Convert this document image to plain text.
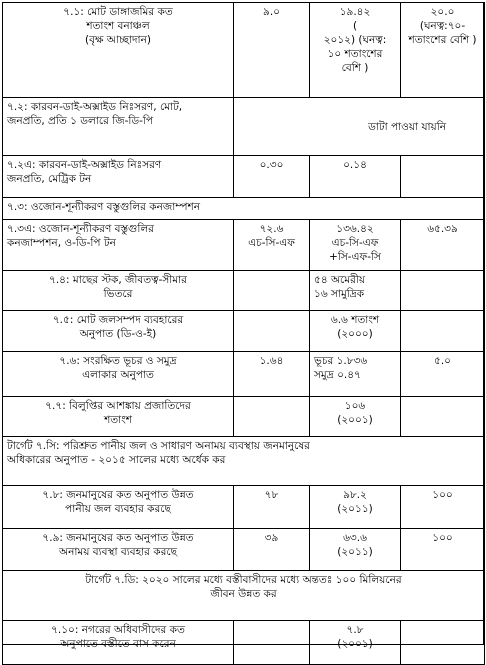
৭.১: মোট ডাঙ্গাজমির কত
শতাংশ বনাঞ্চল
(বৃক্ষ আচ্ছাদান)	৯.০	১৯.৪২
(
২০১২) (ঘনত্ব:
১০ শতাংশের
বেশি )	২০.০
(ঘনত্ব:৭০-
শতাংশের বেশি )
৭.২: কারবন-ডাই-অক্সাইড নিঃসরণ, মোট,
জনপ্রতি, প্রতি ১ ডলারে জি-ডি-পি	ডাটা পাওয়া যায়নি		
৭.২এ: কারবন-ডাই-অক্সাইড নিঃসরণ
জনপ্রতি, মেট্রিক টন	০.৩০	০.১৪	
৭.৩: ওজোন-শূন্যীকরণ বস্তুগুলির কনজাম্পশন			
৭.৩এ: ওজোন-শূন্যীকরণ বস্তুগুলির
কনজাম্পশন, ও-ডি-পি টন	৭২.৬
এচ-সি-এফ	১৩৬.৪২
এচ-সি-এফ
+সি-এফ-সি	৬৫.৩৯
৭.৪: মাছের স্টক, জীবতত্ব-সীমার
ভিতরে		৫৪ অমেরীয়
১৬ সামুদ্রিক	
৭.৫: মোট জলসম্পদ ব্যবহারের
অনুপাত (ডি-ও-ই)		৬.৬ শতাংশ
(২০০০)	
৭.৬: সংরক্ষিত ভূচর ও সমুদ্র
এলাকার অনুপাত	১.৬৪	ভূচর ১.৮৩৬
সমুদ্র ০.৪৭	৫.০
৭.৭: বিলুপ্তির আশঙ্কায় প্রজাতিদের
শতাংশ		১০৬
(২০০১)	
টার্গেট ৭.সি: পরিশ্রুত পানীয় জল ও সাধারণ অনাময় ব্যবস্থায় জনমানুষের
অধিকারের অনুপাত - ২০১৫ সালের মধ্যে অর্ধেক কর			
৭.৮: জনমানুষের কত অনুপাত উন্নত
পানীয় জল ব্যবহার করছে	৭৮	৯৮.২
(২০১১)	১০০
৭.৯: জনমানুষের কত অনুপাত উন্নত
অনাময় ব্যবস্থা ব্যবহার করছে	৩৯	৬৩.৬
(২০১১)	১০০
টার্গেট ৭.ডি: ২০২০ সালের মধ্যে বস্তীবাসীদের মধ্যে অন্ততঃ ১০০ মিলিয়নের
জীবন উন্নত কর			
৭.১০: নগরের অধিবাসীদের কত
অনুপাতে বস্তীতে বাস করেন		৭.৮
(২০০১)	
